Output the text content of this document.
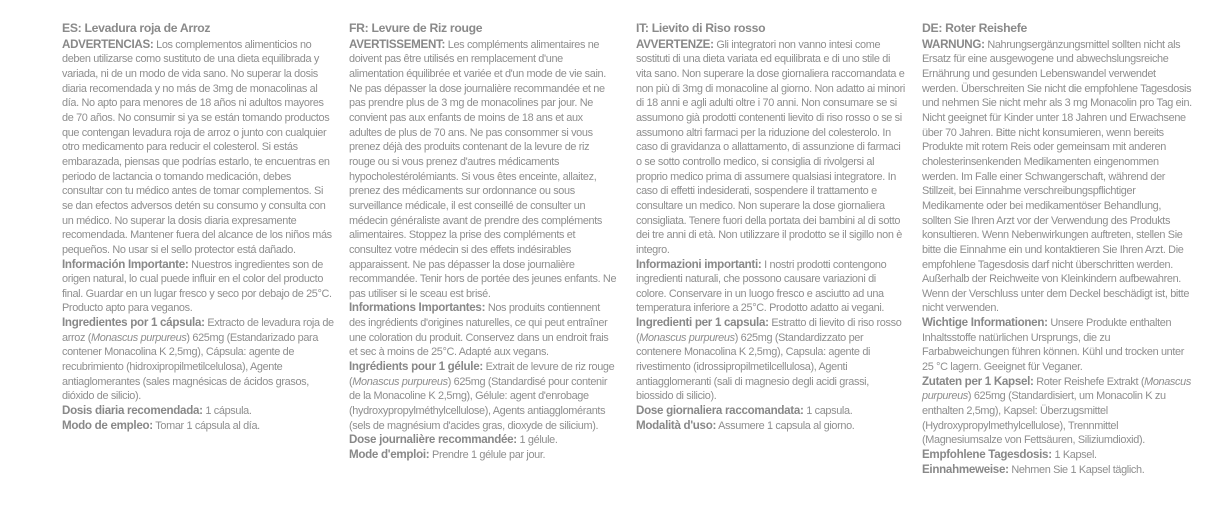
ES: Levadura roja de Arroz

ADVERTENCIAS: Los complementos alimenticios no deben utilizarse como sustituto de una dieta equilibrada y variada, ni de un modo de vida sano. No superar la dosis diaria recomendada y no más de 3mg de monacolinas al día. No apto para menores de 18 años ni adultos mayores de 70 años. No consumir si ya se están tomando productos que contengan levadura roja de arroz o junto con cualquier otro medicamento para reducir el colesterol. Si estás embarazada, piensas que podrías estarlo, te encuentras en periodo de lactancia o tomando medicación, debes consultar con tu médico antes de tomar complementos. Si se dan efectos adversos detén su consumo y consulta con un médico. No superar la dosis diaria expresamente recomendada. Mantener fuera del alcance de los niños más pequeños. No usar si el sello protector está dañado.

Información Importante: Nuestros ingredientes son de origen natural, lo cual puede influir en el color del producto final. Guardar en un lugar fresco y seco por debajo de 25°C. Producto apto para veganos.

Ingredientes por 1 cápsula: Extracto de levadura roja de arroz (Monascus purpureus) 625mg (Estandarizado para contener Monacolina K 2,5mg), Cápsula: agente de recubrimiento (hidroxipropilmetilcelulosa), Agente antiaglomerantes (sales magnésicas de ácidos grasos, dióxido de silicio).

Dosis diaria recomendada: 1 cápsula.

Modo de empleo: Tomar 1 cápsula al día.

FR: Levure de Riz rouge

AVERTISSEMENT: Les compléments alimentaires ne doivent pas être utilisés en remplacement d'une alimentation équilibrée et variée et d'un mode de vie sain. Ne pas dépasser la dose journalière recommandée et ne pas prendre plus de 3 mg de monacolines par jour. Ne convient pas aux enfants de moins de 18 ans et aux adultes de plus de 70 ans. Ne pas consommer si vous prenez déjà des produits contenant de la levure de riz rouge ou si vous prenez d'autres médicaments hypocholestérolémiants. Si vous êtes enceinte, allaitez, prenez des médicaments sur ordonnance ou sous surveillance médicale, il est conseillé de consulter un médecin généraliste avant de prendre des compléments alimentaires. Stoppez la prise des compléments et consultez votre médecin si des effets indésirables apparaissent. Ne pas dépasser la dose journalière recommandée. Tenir hors de portée des jeunes enfants. Ne pas utiliser si le sceau est brisé.

Informations Importantes: Nos produits contiennent des ingrédients d'origines naturelles, ce qui peut entraîner une coloration du produit. Conservez dans un endroit frais et sec à moins de 25°C. Adapté aux vegans.

Ingrédients pour 1 gélule: Extrait de levure de riz rouge (Monascus purpureus) 625mg (Standardisé pour contenir de la Monacoline K 2,5mg), Gélule: agent d'enrobage (hydroxypropylméthylcellulose), Agents antiagglomérants (sels de magnésium d'acides gras, dioxyde de silicium).

Dose journalière recommandée: 1 gélule.

Mode d'emploi: Prendre 1 gélule par jour.

IT: Lievito di Riso rosso

AVVERTENZE: Gli integratori non vanno intesi come sostituti di una dieta variata ed equilibrata e di uno stile di vita sano. Non superare la dose giornaliera raccomandata e non più di 3mg di monacoline al giorno. Non adatto ai minori di 18 anni e agli adulti oltre i 70 anni. Non consumare se si assumono già prodotti contenenti lievito di riso rosso o se si assumono altri farmaci per la riduzione del colesterolo. In caso di gravidanza o allattamento, di assunzione di farmaci o se sotto controllo medico, si consiglia di rivolgersi al proprio medico prima di assumere qualsiasi integratore. In caso di effetti indesiderati, sospendere il trattamento e consultare un medico. Non superare la dose giornaliera consigliata. Tenere fuori della portata dei bambini al di sotto dei tre anni di età. Non utilizzare il prodotto se il sigillo non è integro.

Informazioni importanti: I nostri prodotti contengono ingredienti naturali, che possono causare variazioni di colore. Conservare in un luogo fresco e asciutto ad una temperatura inferiore a 25°C. Prodotto adatto ai vegani.

Ingredienti per 1 capsula: Estratto di lievito di riso rosso (Monascus purpureus) 625mg (Standardizzato per contenere Monacolina K 2,5mg), Capsula: agente di rivestimento (idrossipropilmetilcellulosa), Agenti antiagglomeranti (sali di magnesio degli acidi grassi, biossido di silicio).

Dose giornaliera raccomandata: 1 capsula.

Modalità d'uso: Assumere 1 capsula al giorno.

DE: Roter Reishefe

WARNUNG: Nahrungsergänzungsmittel sollten nicht als Ersatz für eine ausgewogene und abwechslungsreiche Ernährung und gesunden Lebenswandel verwendet werden. Überschreiten Sie nicht die empfohlene Tagesdosis und nehmen Sie nicht mehr als 3 mg Monacolin pro Tag ein. Nicht geeignet für Kinder unter 18 Jahren und Erwachsene über 70 Jahren. Bitte nicht konsumieren, wenn bereits Produkte mit rotem Reis oder gemeinsam mit anderen cholesterinsenkenden Medikamenten eingenommen werden. Im Falle einer Schwangerschaft, während der Stillzeit, bei Einnahme verschreibungspflichtiger Medikamente oder bei medikamentöser Behandlung, sollten Sie Ihren Arzt vor der Verwendung des Produkts konsultieren. Wenn Nebenwirkungen auftreten, stellen Sie bitte die Einnahme ein und kontaktieren Sie Ihren Arzt. Die empfohlene Tagesdosis darf nicht überschritten werden. Außerhalb der Reichweite von Kleinkindern aufbewahren. Wenn der Verschluss unter dem Deckel beschädigt ist, bitte nicht verwenden.

Wichtige Informationen: Unsere Produkte enthalten Inhaltsstoffe natürlichen Ursprungs, die zu Farbabweichungen führen können. Kühl und trocken unter 25 °C lagern. Geeignet für Veganer.

Zutaten per 1 Kapsel: Roter Reishefe Extrakt (Monascus purpureus) 625mg (Standardisiert, um Monacolin K zu enthalten 2,5mg), Kapsel: Überzugsmittel (Hydroxypropylmethylcellulose), Trennmittel (Magnesiumsalze von Fettsäuren, Siliziumdioxid).

Empfohlene Tagesdosis: 1 Kapsel.

Einnahmeweise: Nehmen Sie 1 Kapsel täglich.
